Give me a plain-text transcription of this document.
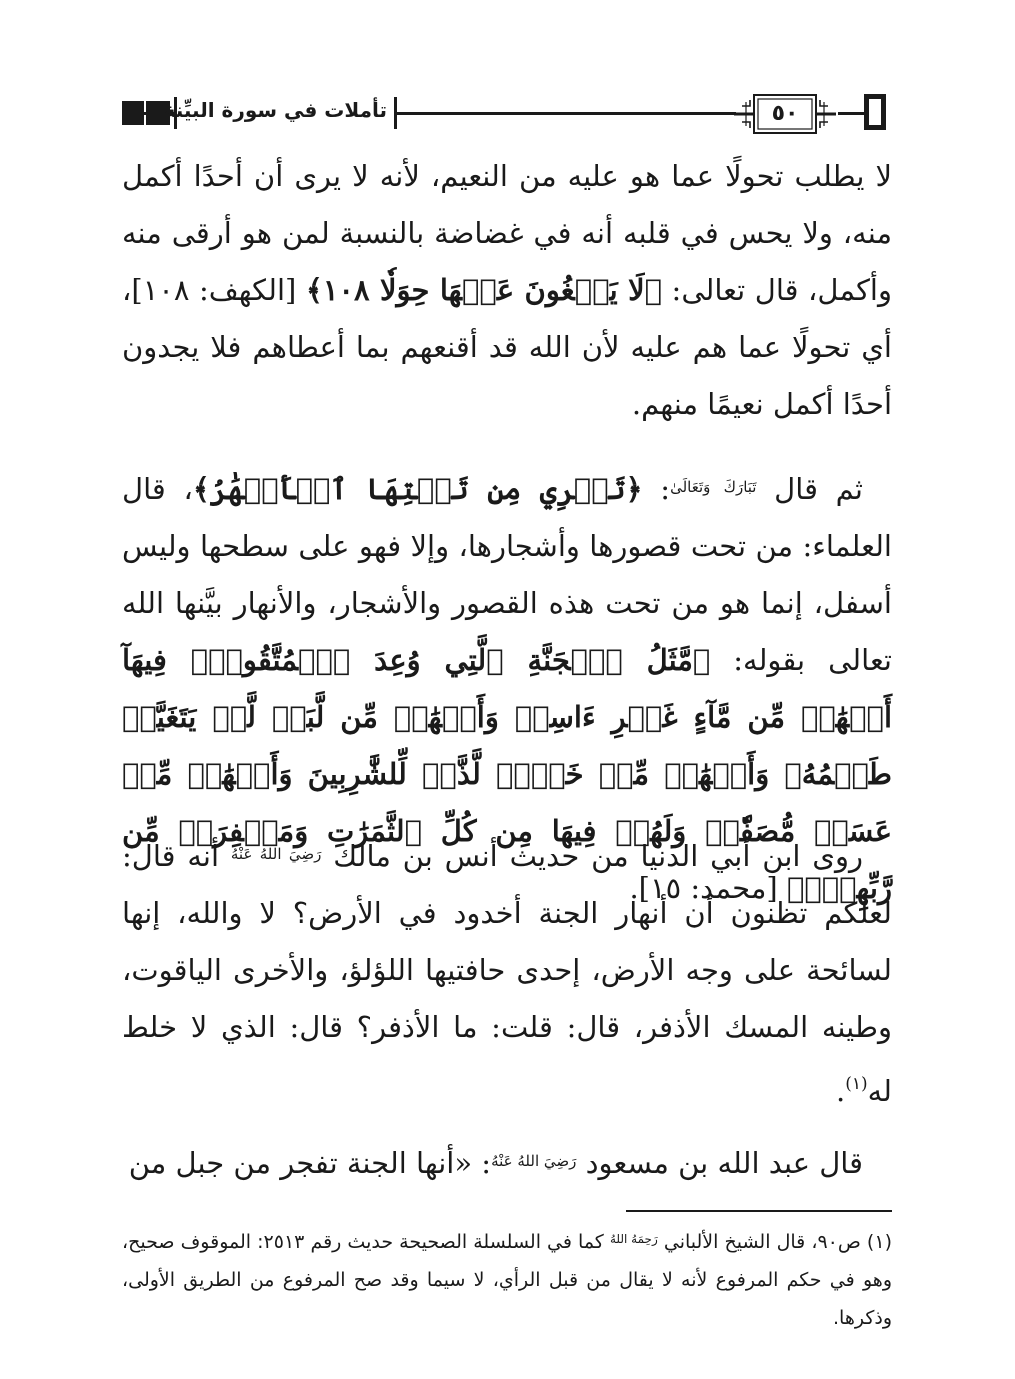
تأملات في سورة البيِّنة	٥٠

لا يطلب تحولًا عما هو عليه من النعيم، لأنه لا يرى أن أحدًا أكمل منه، ولا يحس في قلبه أنه في غضاضة بالنسبة لمن هو أرقى منه وأكمل، قال تعالى: ﴿لَا يَبۡغُونَ عَنۡهَا حِوَلٗا ١٠٨﴾ [الكهف: ١٠٨]، أي تحولًا عما هم عليه لأن الله قد أقنعهم بما أعطاهم فلا يجدون أحدًا أكمل نعيمًا منهم.

 ثم قال $^{تَبَارَكَ وَتَعَالَىٰ}$: ﴿تَجۡرِي مِن تَحۡتِهَا ٱلۡأَنۡهَٰرُ﴾، قال العلماء: من تحت قصورها وأشجارها، وإلا فهو على سطحها وليس أسفل، إنما هو من تحت هذه القصور والأشجار، والأنهار بيَّنها الله تعالى بقوله: ﴿مَّثَلُ ٱلۡجَنَّةِ ٱلَّتِي وُعِدَ ٱلۡمُتَّقُونَۖ فِيهَآ أَنۡهَٰرٞ مِّن مَّآءٍ غَيۡرِ ءَاسِنٖ وَأَنۡهَٰرٞ مِّن لَّبَنٖ لَّمۡ يَتَغَيَّرۡ طَعۡمُهُۥ وَأَنۡهَٰرٞ مِّنۡ خَمۡرٖ لَّذَّةٖ لِّلشَّٰرِبِينَ وَأَنۡهَٰرٞ مِّنۡ عَسَلٖ مُّصَفّٗىۖ وَلَهُمۡ فِيهَا مِن كُلِّ ٱلثَّمَرَٰتِ وَمَغۡفِرَةٞ مِّن رَّبِّهِمۡۖ﴾ [محمد: ١٥].

 روى ابن أبي الدنيا من حديث أنس بن مالك $^{رَضِيَ اللهُ عَنْهُ}$ أنه قال: لعلكم تظنون أن أنهار الجنة أخدود في الأرض؟ لا والله، إنها لسائحة على وجه الأرض، إحدى حافتيها اللؤلؤ، والأخرى الياقوت، وطينه المسك الأذفر، قال: قلت: ما الأذفر؟ قال: الذي لا خلط له$^{(١)}$.

 قال عبد الله بن مسعود $^{رَضِيَ اللهُ عَنْهُ}$: «أنها الجنة تفجر من جبل من

(١) ص٩٠، قال الشيخ الألباني $^{رَحِمَهُ اللهُ}$ كما في السلسلة الصحيحة حديث رقم ٢٥١٣: الموقوف صحيح، وهو في حكم المرفوع لأنه لا يقال من قبل الرأي، لا سيما وقد صح المرفوع من الطريق الأولى، وذكرها.
